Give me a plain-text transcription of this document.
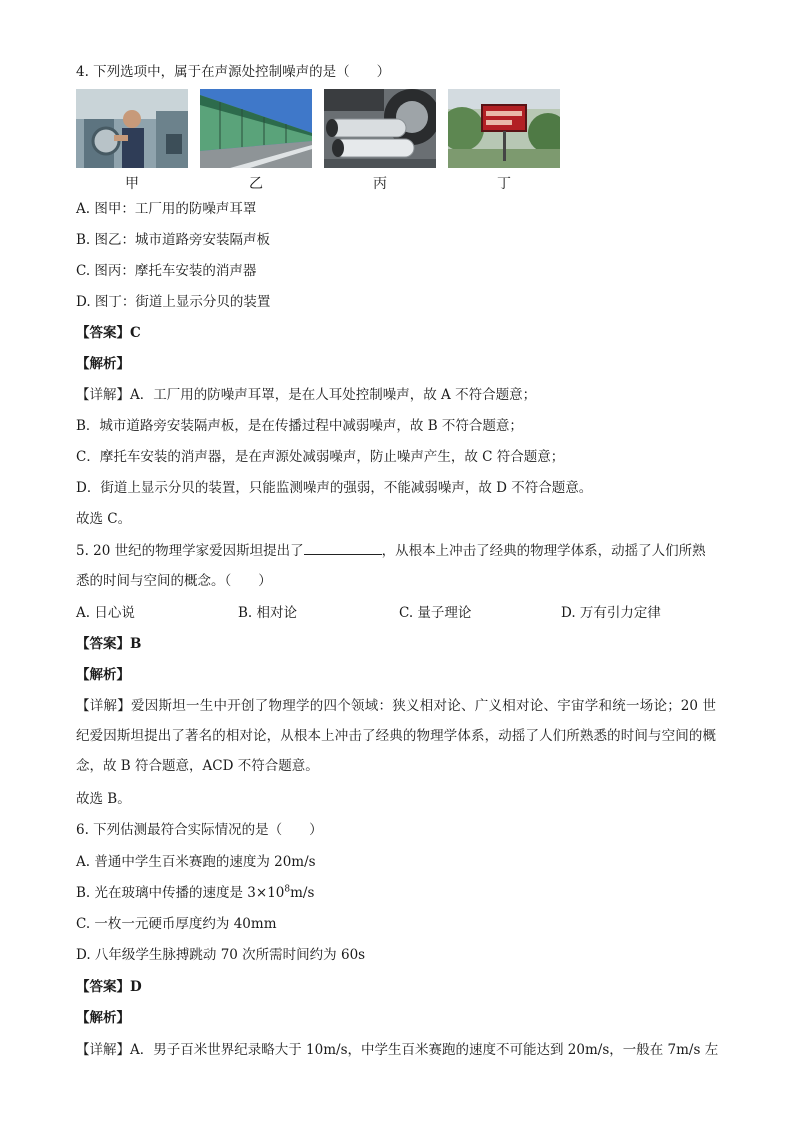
4. 下列选项中，属于在声源处控制噪声的是（　　）
甲	乙	丙	丁
A. 图甲：工厂用的防噪声耳罩
B. 图乙：城市道路旁安装隔声板
C. 图丙：摩托车安装的消声器
D. 图丁：街道上显示分贝的装置
【答案】C
【解析】
【详解】A．工厂用的防噪声耳罩，是在人耳处控制噪声，故 A 不符合题意；
B．城市道路旁安装隔声板，是在传播过程中减弱噪声，故 B 不符合题意；
C．摩托车安装的消声器，是在声源处减弱噪声，防止噪声产生，故 C 符合题意；
D．街道上显示分贝的装置，只能监测噪声的强弱，不能减弱噪声，故 D 不符合题意。
故选 C。
5. 20 世纪的物理学家爱因斯坦提出了	，从根本上冲击了经典的物理学体系，动摇了人们所熟
悉的时间与空间的概念。（　　）
A. 日心说	B. 相对论	C. 量子理论	D. 万有引力定律
【答案】B
【解析】
【详解】爱因斯坦一生中开创了物理学的四个领域：狭义相对论、广义相对论、宇宙学和统一场论；20 世纪爱因斯坦提出了著名的相对论，从根本上冲击了经典的物理学体系，动摇了人们所熟悉的时间与空间的概念，故 B 符合题意，ACD 不符合题意。
故选 B。
6. 下列估测最符合实际情况的是（　　）
A. 普通中学生百米赛跑的速度为 20m/s
B. 光在玻璃中传播的速度是 $3\times 10^8m/s$
C. 一枚一元硬币厚度约为 40mm
D. 八年级学生脉搏跳动 70 次所需时间约为 60s
【答案】D
【解析】
【详解】A．男子百米世界纪录略大于 10m/s，中学生百米赛跑的速度不可能达到 20m/s，一般在 7m/s 左
